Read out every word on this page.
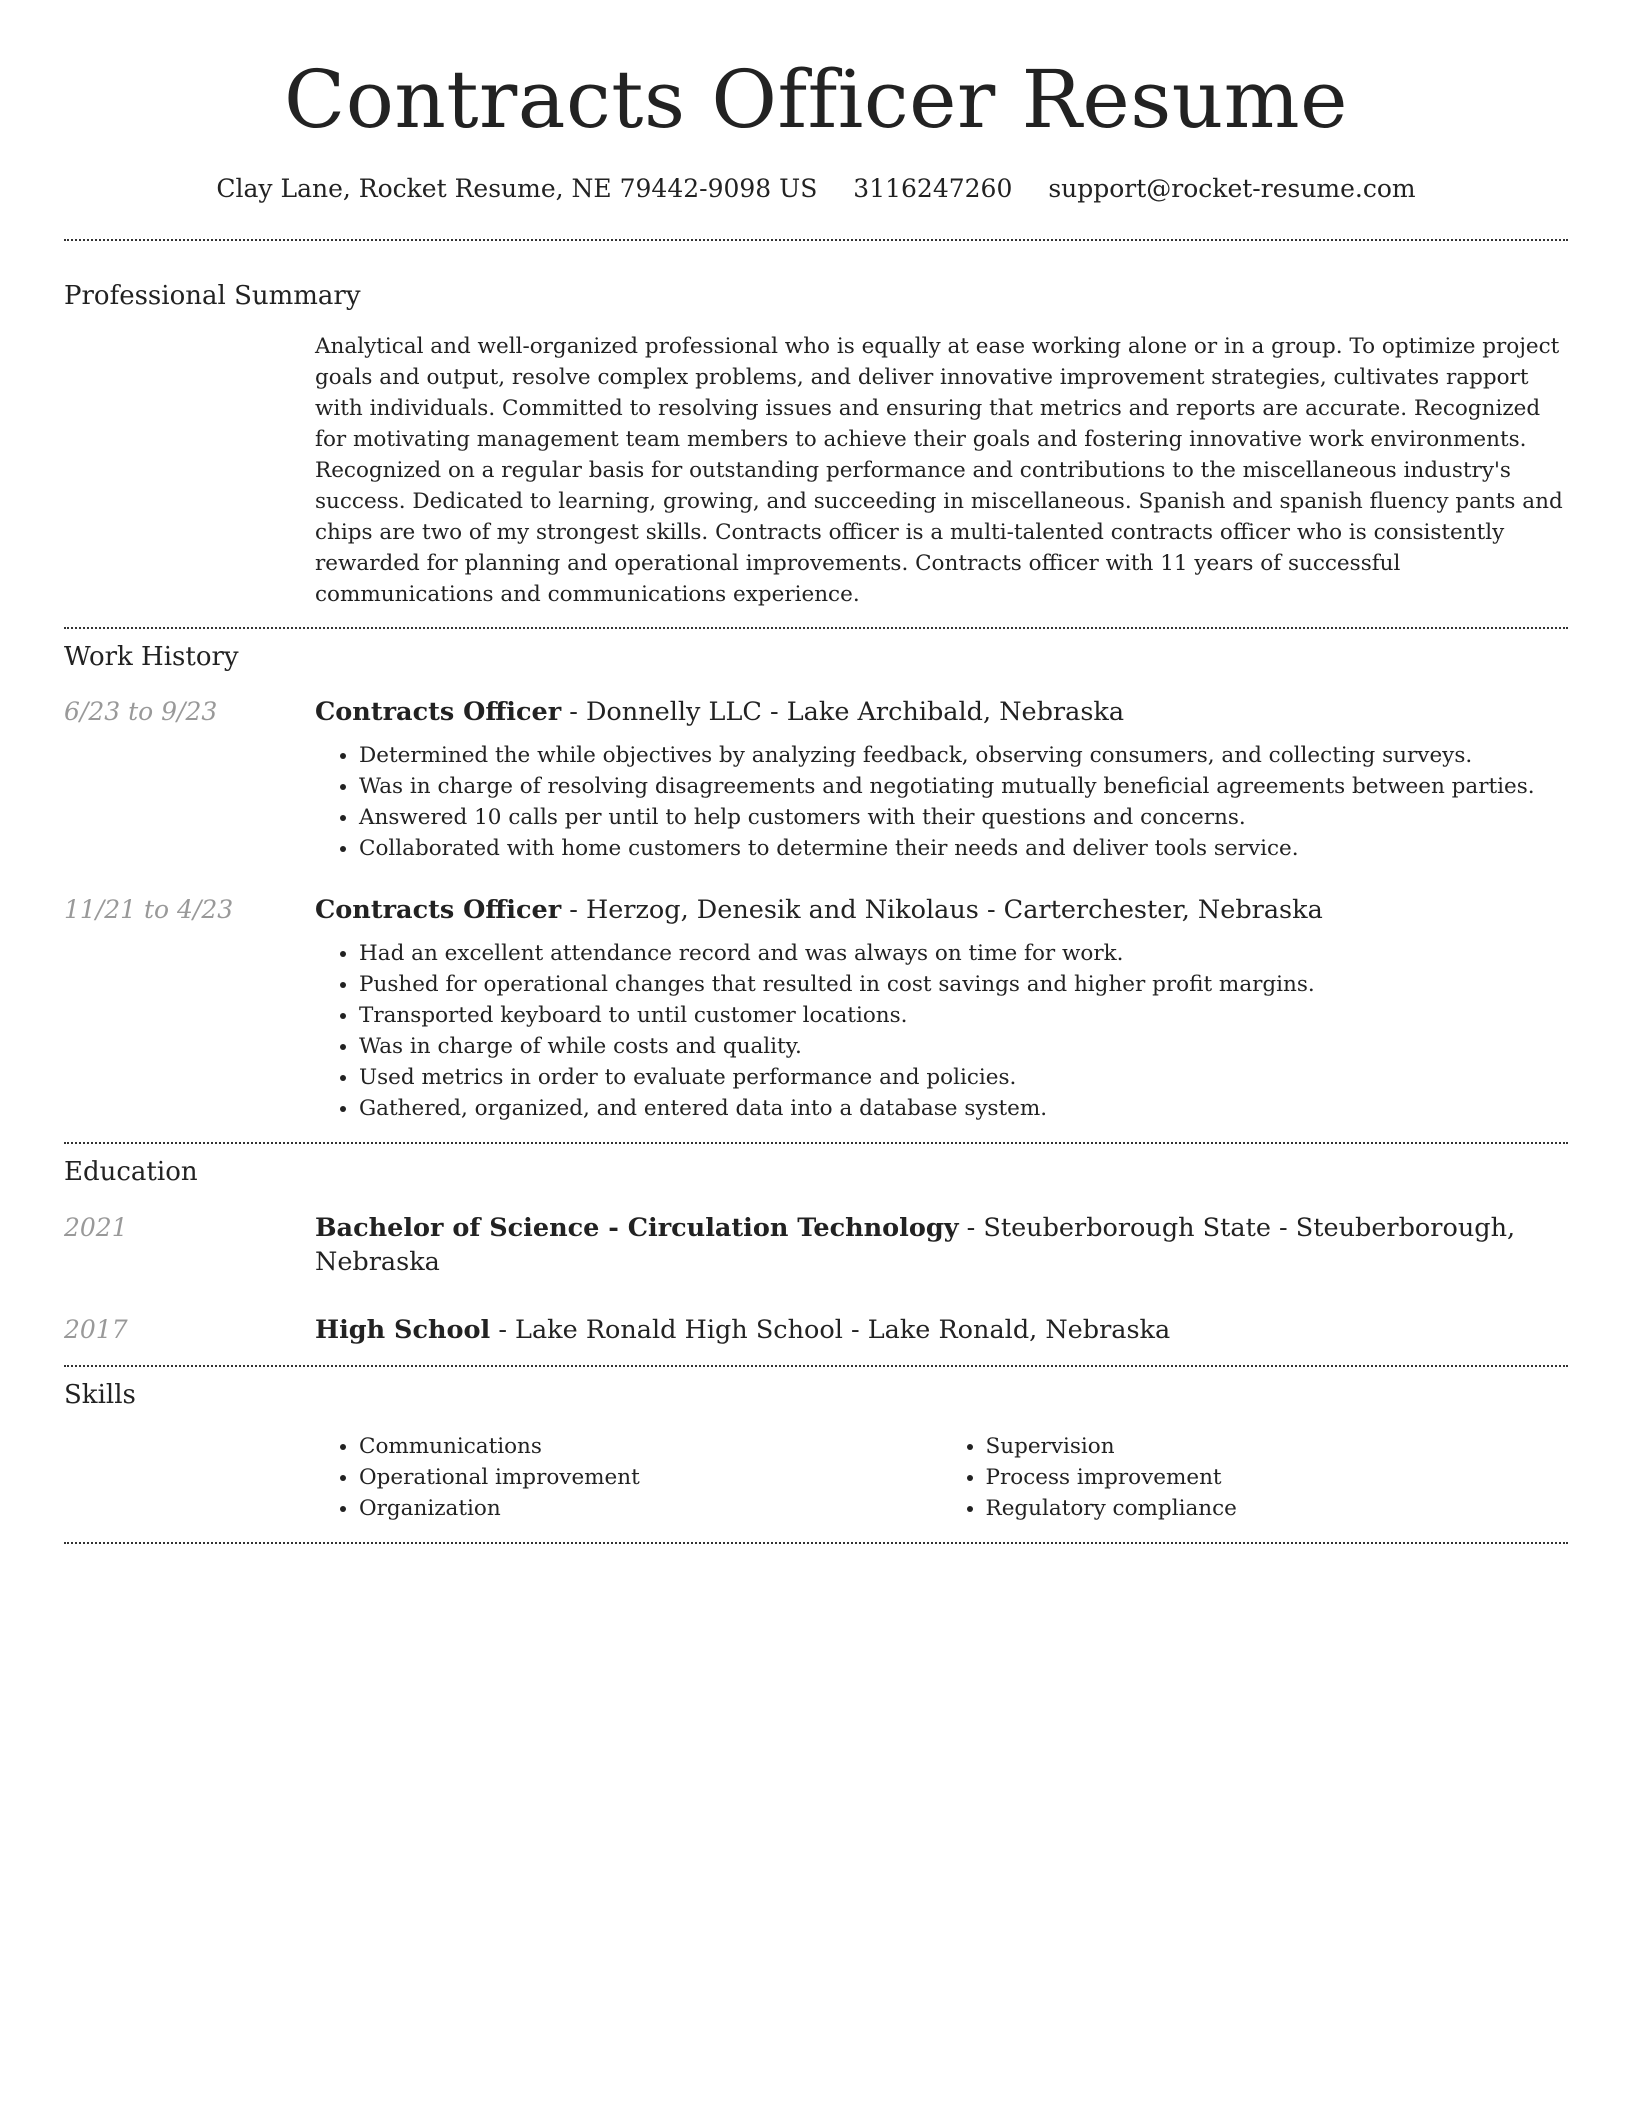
Contracts Officer Resume
Clay Lane, Rocket Resume, NE 79442-9098 US 3116247260 support@rocket-resume.com
Professional Summary

Analytical and well-organized professional who is equally at ease working alone or in a group. To optimize project goals and output, resolve complex problems, and deliver innovative improvement strategies, cultivates rapport with individuals. Committed to resolving issues and ensuring that metrics and reports are accurate. Recognized for motivating management team members to achieve their goals and fostering innovative work environments. Recognized on a regular basis for outstanding performance and contributions to the miscellaneous industry's success. Dedicated to learning, growing, and succeeding in miscellaneous. Spanish and spanish fluency pants and chips are two of my strongest skills. Contracts officer is a multi-talented contracts officer who is consistently rewarded for planning and operational improvements. Contracts officer with 11 years of successful communications and communications experience.

Work History
6/23 to 9/23	Contracts Officer - Donnelly LLC - Lake Archibald, Nebraska
• Determined the while objectives by analyzing feedback, observing consumers, and collecting surveys.
• Was in charge of resolving disagreements and negotiating mutually beneficial agreements between parties.
• Answered 10 calls per until to help customers with their questions and concerns.
• Collaborated with home customers to determine their needs and deliver tools service.
11/21 to 4/23	Contracts Officer - Herzog, Denesik and Nikolaus - Carterchester, Nebraska
• Had an excellent attendance record and was always on time for work.
• Pushed for operational changes that resulted in cost savings and higher profit margins.
• Transported keyboard to until customer locations.
• Was in charge of while costs and quality.
• Used metrics in order to evaluate performance and policies.
• Gathered, organized, and entered data into a database system.
Education
2021	Bachelor of Science - Circulation Technology - Steuberborough State - Steuberborough, Nebraska
2017	High School - Lake Ronald High School - Lake Ronald, Nebraska
Skills
• Communications
• Operational improvement
• Organization
• Supervision
• Process improvement
• Regulatory compliance
